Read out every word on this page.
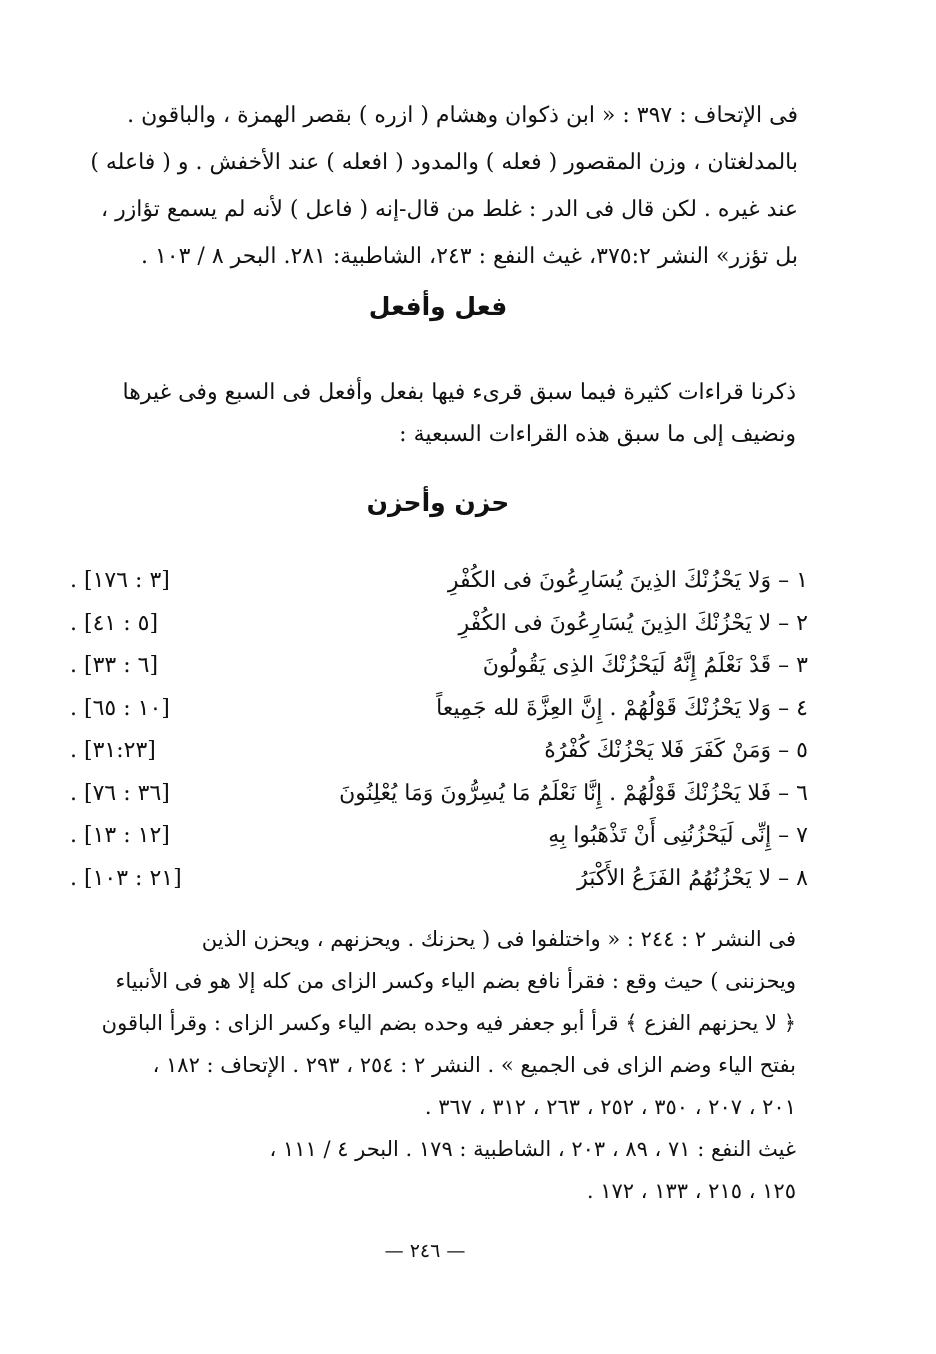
فى الإتحاف : ٣٩٧ : « ابن ذكوان وهشام ( ازره ) بقصر الهمزة ، والباقون .

بالمدلغتان ، وزن المقصور ( فعله ) والمدود ( افعله ) عند الأخفش . و ( فاعله )

عند غيره . لكن قال فى الدر : غلط من قال-إنه ( فاعل ) لأنه لم يسمع تؤازر ،

بل تؤزر» النشر ٣٧٥:٢، غيث النفع : ٢٤٣، الشاطبية: ٢٨١. البحر ٨ / ١٠٣ .

فعل وأفعل
ذكرنا قراءات كثيرة فيما سبق قرىء فيها بفعل وأفعل فى السبع وفى غيرها
ونضيف إلى ما سبق هذه القراءات السبعية :
حزن وأحزن
١ – وَلا يَحْزُنْكَ الذِينَ يُسَارِعُونَ فى الكُفْرِ
[٣ : ١٧٦] .
٢ – لا يَحْزُنْكَ الذِينَ يُسَارِعُونَ فى الكُفْرِ
[٥ : ٤١] .
٣ – قَدْ نَعْلَمُ إِنَّهُ لَيَحْزُنْكَ الذِى يَقُولُونَ
[٦ : ٣٣] .
٤ – وَلا يَحْزُنْكَ قَوْلُهُمْ . إِنَّ العِزَّةَ لله جَمِيعاً
[١٠ : ٦٥] .
٥ – وَمَنْ كَفَرَ فَلا يَحْزُنْكَ كُفْرُهُ
[٣١:٢٣] .
٦ – فَلا يَحْزُنْكَ قَوْلُهُمْ . إِنَّا نَعْلَمُ مَا يُسِرُّونَ وَمَا يُعْلِنُونَ
[٣٦ : ٧٦] .
٧ – إِنِّى لَيَحْزُنُنِى أَنْ تَذْهَبُوا بِهِ
[١٢ : ١٣] .
٨ – لا يَحْزُنُهُمُ الفَزَعُ الأَكْبَرُ
[٢١ : ١٠٣] .

فى النشر ٢ : ٢٤٤ : « واختلفوا فى ( يحزنك . ويحزنهم ، ويحزن الذين

ويحزننى ) حيث وقع : فقرأ نافع بضم الياء وكسر الزاى من كله إلا هو فى الأنبياء

﴿ لا يحزنهم الفزع ﴾ قرأ أبو جعفر فيه وحده بضم الياء وكسر الزاى : وقرأ الباقون

بفتح الياء وضم الزاى فى الجميع » . النشر ٢ : ٢٥٤ ، ٢٩٣ . الإتحاف : ١٨٢ ،

٢٠١ ، ٢٠٧ ، ٣٥٠ ، ٢٥٢ ، ٢٦٣ ، ٣١٢ ، ٣٦٧ .

غيث النفع : ٧١ ، ٨٩ ، ٢٠٣ ، الشاطبية : ١٧٩ . البحر ٤ / ١١١ ،

١٢٥ ، ٢١٥ ، ١٣٣ ، ١٧٢ .

— ٢٤٦ —
